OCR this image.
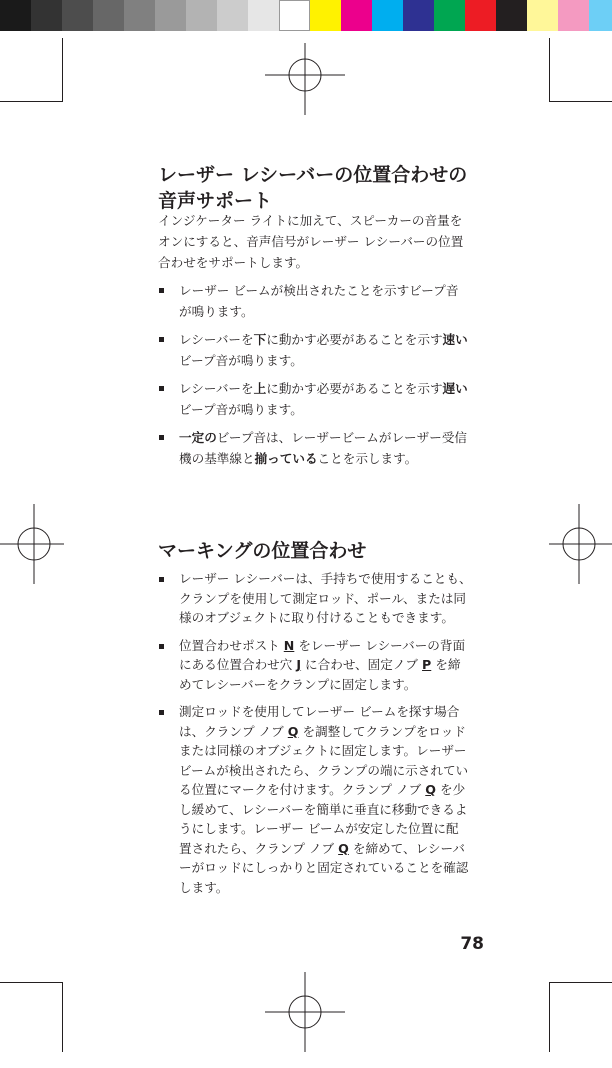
レーザー レシーバーの位置合わせの
音声サポート
インジケーター ライトに加えて、スピーカーの音量を
オンにすると、音声信号がレーザー レシーバーの位置
合わせをサポートします。
レーザー ビームが検出されたことを示すビープ音
が鳴ります。
レシーバーを下に動かす必要があることを示す速い
ビープ音が鳴ります。
レシーバーを上に動かす必要があることを示す遅い
ビープ音が鳴ります。
一定のビープ音は、レーザービームがレーザー受信
機の基準線と揃っていることを示します。
マーキングの位置合わせ
レーザー レシーバーは、手持ちで使用することも、
クランプを使用して測定ロッド、ポール、または同
様のオブジェクトに取り付けることもできます。
位置合わせポスト N をレーザー レシーバーの背面
にある位置合わせ穴 J に合わせ、固定ノブ P を締
めてレシーバーをクランプに固定します。
測定ロッドを使用してレーザー ビームを探す場合
は、クランプ ノブ Q を調整してクランプをロッド
または同様のオブジェクトに固定します。レーザー
ビームが検出されたら、クランプの端に示されてい
る位置にマークを付けます。クランプ ノブ Q を少
し緩めて、レシーバーを簡単に垂直に移動できるよ
うにします。レーザー ビームが安定した位置に配
置されたら、クランプ ノブ Q を締めて、レシーバ
ーがロッドにしっかりと固定されていることを確認
します。
78
